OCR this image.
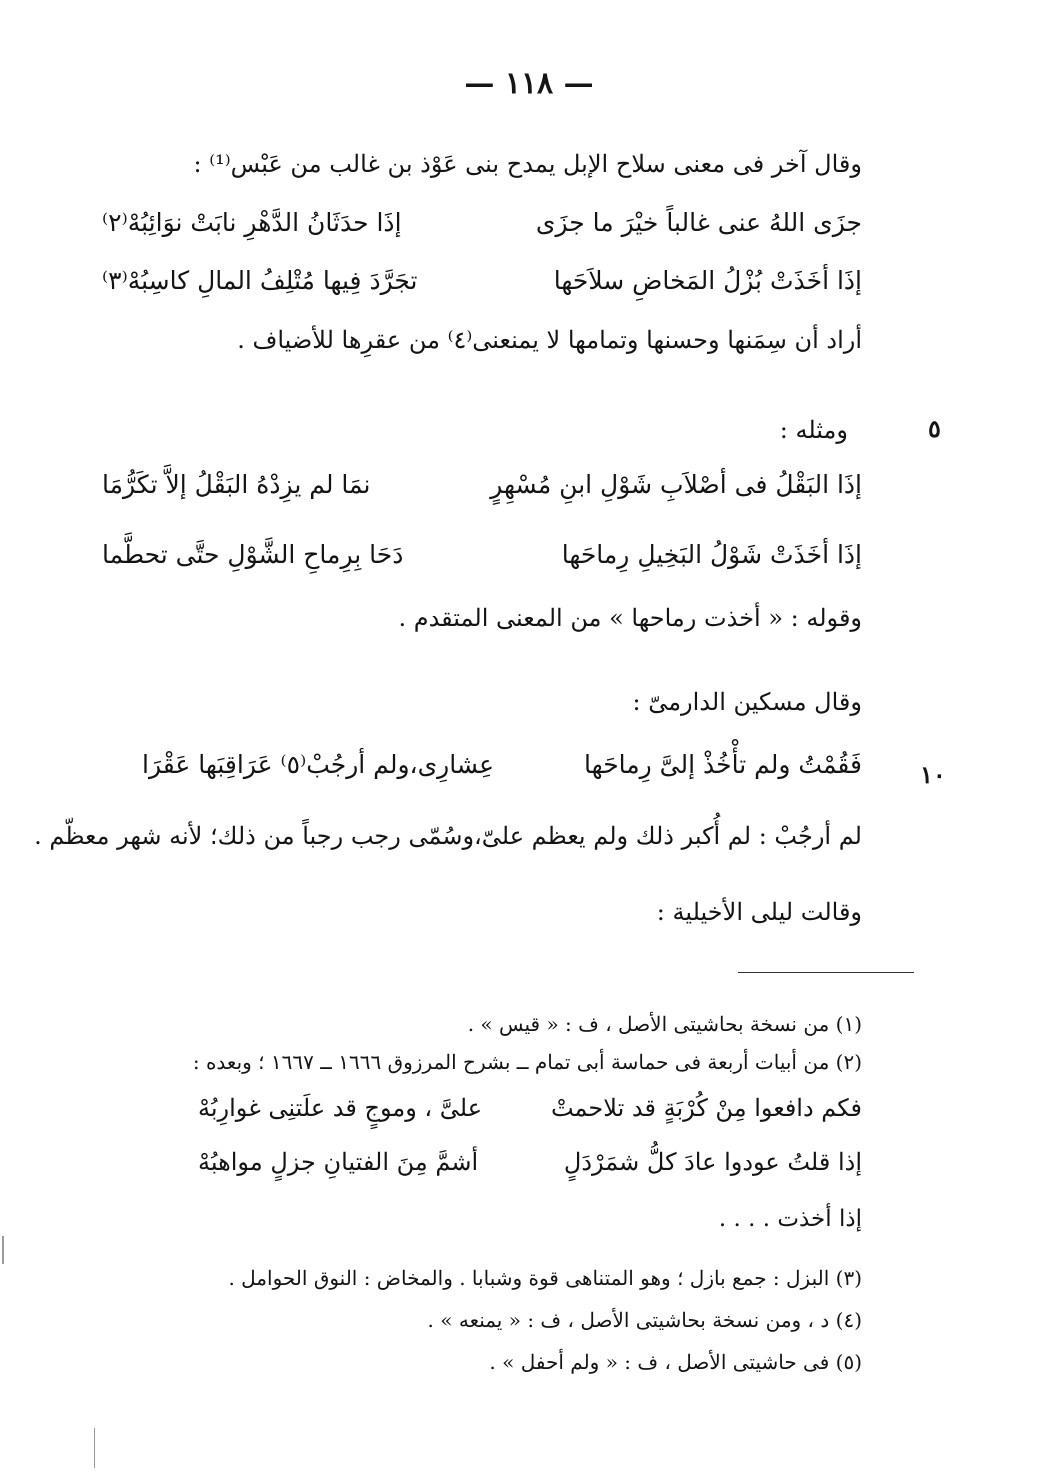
— ١١٨ —
وقال آخر فى معنى سلاح الإبل يمدح بنى عَوْذ بن غالب من عَبْس⁽¹⁾ :
جزَى اللهُ عنى غالباً خيْرَ ما جزَى
إذَا حدَثَانُ الدَّهْرِ نابَتْ نوَائِبُهْ⁽٢⁾
إذَا أخَذَتْ بُزْلُ المَخاضِ سلاَحَها
تجَرَّدَ فِيها مُتْلِفُ المالِ كاسِبُهْ⁽٣⁾
أراد أن سِمَنها وحسنها وتمامها لا يمنعنى⁽٤⁾ من عقرِها للأضياف .
٥
ومثله :
إذَا البَقْلُ فى أصْلاَبِ شَوْلِ ابنِ مُسْهِرٍ
نمَا لم يزِدْهُ البَقْلُ إلاَّ تكَرُّمَا
إذَا أخَذَتْ شَوْلُ البَخِيلِ رِماحَها
دَحَا بِرِماحِ الشَّوْلِ حتَّى تحطَّما
وقوله : « أخذت رماحها » من المعنى المتقدم .
وقال مسكين الدارمىّ :
١٠
فَقُمْتُ ولم تأْخُذْ إلىَّ رِماحَها
عِشارِى،ولم أرجُبْ⁽٥⁾ عَرَاقِبَها عَقْرَا
لم أرجُبْ : لم أُكبر ذلك ولم يعظم علىّ،وسُمّى رجب رجباً من ذلك؛ لأنه شهر معظّم .
وقالت ليلى الأخيلية :
(١) من نسخة بحاشيتى الأصل ، ف : « قيس » .
(٢) من أبيات أربعة فى حماسة أبى تمام ــ بشرح المرزوق ١٦٦٦ ــ ١٦٦٧ ؛ وبعده :
فكم دافعوا مِنْ كُرْبَةٍ قد تلاحمتْ
علىَّ ، وموجٍ قد علَتنِى غوارِبُهْ
إذا قلتُ عودوا عادَ كلُّ شمَرْدَلٍ
أشمَّ مِنَ الفتيانِ جزلٍ مواهبُهْ
إذا أخذت . . . .
(٣) البزل : جمع بازل ؛ وهو المتناهى قوة وشبابا . والمخاض : النوق الحوامل .
(٤) د ، ومن نسخة بحاشيتى الأصل ، ف : « يمنعه » .
(٥) فى حاشيتى الأصل ، ف : « ولم أحفل » .
